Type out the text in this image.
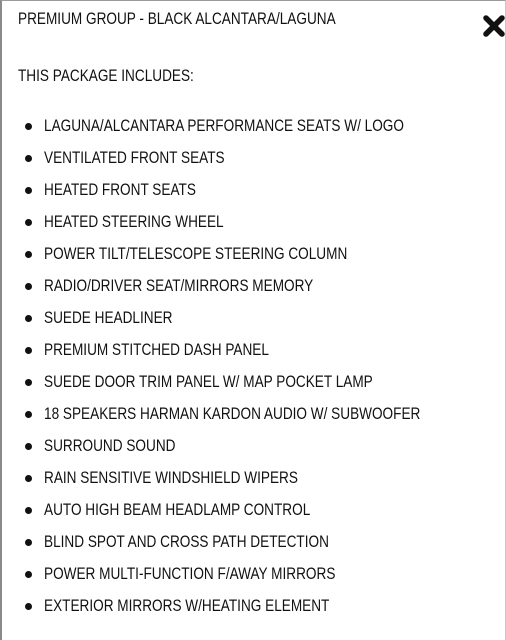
PREMIUM GROUP - BLACK ALCANTARA/LAGUNA
THIS PACKAGE INCLUDES:
LAGUNA/ALCANTARA PERFORMANCE SEATS W/ LOGO
VENTILATED FRONT SEATS
HEATED FRONT SEATS
HEATED STEERING WHEEL
POWER TILT/TELESCOPE STEERING COLUMN
RADIO/DRIVER SEAT/MIRRORS MEMORY
SUEDE HEADLINER
PREMIUM STITCHED DASH PANEL
SUEDE DOOR TRIM PANEL W/ MAP POCKET LAMP
18 SPEAKERS HARMAN KARDON AUDIO W/ SUBWOOFER
SURROUND SOUND
RAIN SENSITIVE WINDSHIELD WIPERS
AUTO HIGH BEAM HEADLAMP CONTROL
BLIND SPOT AND CROSS PATH DETECTION
POWER MULTI-FUNCTION F/AWAY MIRRORS
EXTERIOR MIRRORS W/HEATING ELEMENT
